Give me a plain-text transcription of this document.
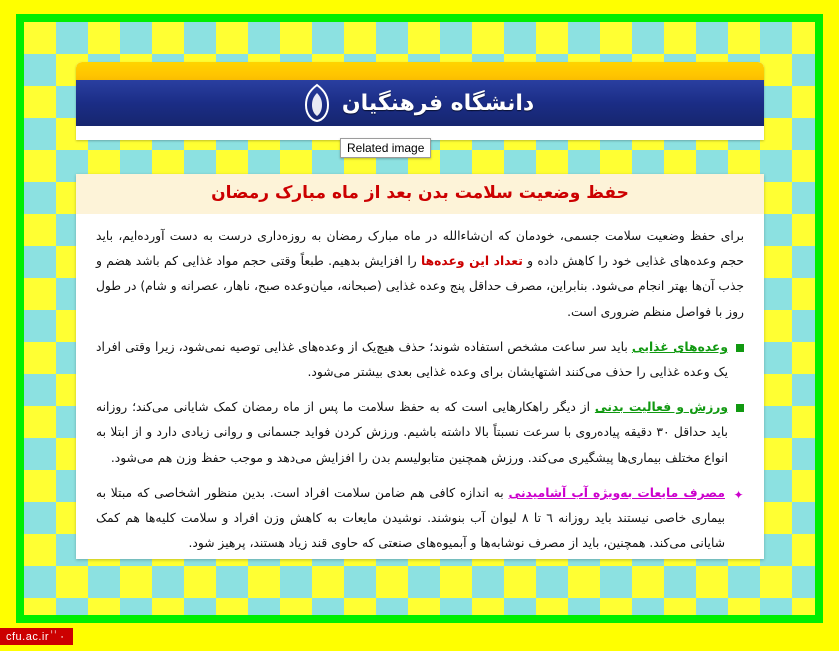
دانشگاه فرهنگیان
Related image
حفظ وضعیت سلامت بدن بعد از ماه مبارک رمضان

برای حفظ وضعیت سلامت جسمی، خودمان که ان‌شاءالله در ماه مبارک رمضان به روزه‌داری درست به دست آورده‌ایم، باید حجم وعده‌های غذایی خود را کاهش داده و تعداد این وعده‌ها را افزایش بدهیم. طبعاً وقتی حجم مواد غذایی کم باشد هضم و جذب آن‌ها بهتر انجام می‌شود. بنابراین، مصرف حداقل پنج وعده غذایی (صبحانه، میان‌وعده صبح، ناهار، عصرانه و شام) در طول روز با فواصل منظم ضروری است.

وعده‌های غذایی باید سر ساعت مشخص استفاده شوند؛ حذف هیچ‌یک از وعده‌های غذایی توصیه نمی‌شود، زیرا وقتی افراد یک وعده غذایی را حذف می‌کنند اشتهایشان برای وعده غذایی بعدی بیشتر می‌شود.
ورزش و فعالیت بدنی از دیگر راهکارهایی است که به حفظ سلامت ما پس از ماه رمضان کمک شایانی می‌کند؛ روزانه باید حداقل ۳۰ دقیقه پیاده‌روی با سرعت نسبتاً بالا داشته باشیم. ورزش کردن فواید جسمانی و روانی زیادی دارد و از ابتلا به انواع مختلف بیماری‌ها پیشگیری می‌کند. ورزش همچنین متابولیسم بدن را افزایش می‌دهد و موجب حفظ وزن هم می‌شود.
✦
مصرف مایعات به‌ویژه آب آشامیدنی به اندازه کافی هم ضامن سلامت افراد است. بدین منظور اشخاصی که مبتلا به بیماری خاصی نیستند باید روزانه ٦ تا ٨ لیوان آب بنوشند. نوشیدن مایعات به کاهش وزن افراد و سلامت کلیه‌ها هم کمک شایانی می‌کند. همچنین، باید از مصرف نوشابه‌ها و آبمیوه‌های صنعتی که حاوی قند زیاد هستند، پرهیز شود.
cfu.ac.ir ٰ ٰ ٠
